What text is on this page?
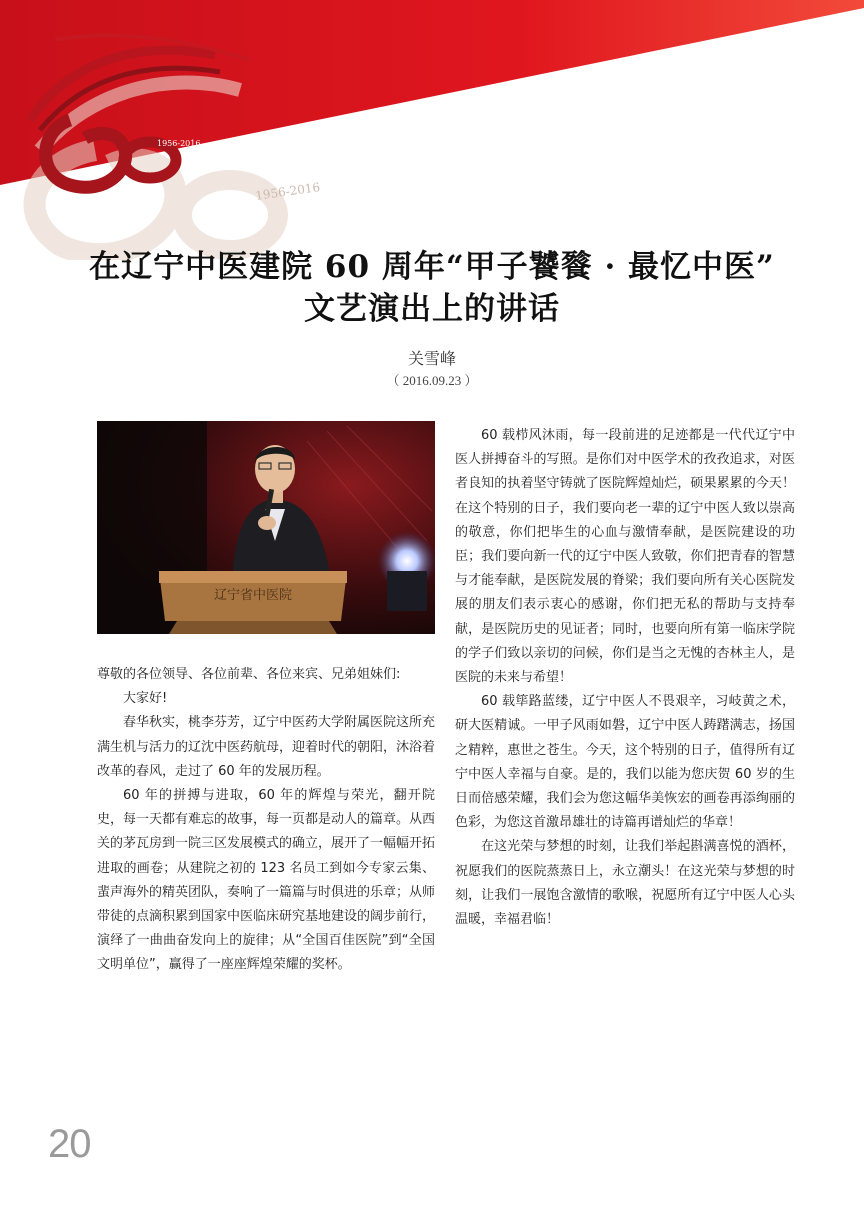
1956-2016
1956-2016
在辽宁中医建院 60 周年“甲子饕餮 · 最忆中医”
文艺演出上的讲话
关雪峰
（ 2016.09.23 ）
辽宁省中医院

尊敬的各位领导、各位前辈、各位来宾、兄弟姐妹们:

大家好!

春华秋实，桃李芬芳，辽宁中医药大学附属医院这所充满生机与活力的辽沈中医药航母，迎着时代的朝阳，沐浴着改革的春风，走过了 60 年的发展历程。

60 年的拼搏与进取，60 年的辉煌与荣光，翻开院史，每一天都有难忘的故事，每一页都是动人的篇章。从西关的茅瓦房到一院三区发展模式的确立，展开了一幅幅开拓进取的画卷；从建院之初的 123 名员工到如今专家云集、蜚声海外的精英团队，奏响了一篇篇与时俱进的乐章；从师带徒的点滴积累到国家中医临床研究基地建设的阔步前行，演绎了一曲曲奋发向上的旋律；从“全国百佳医院”到“全国文明单位”，赢得了一座座辉煌荣耀的奖杯。

60 载栉风沐雨，每一段前进的足迹都是一代代辽宁中医人拼搏奋斗的写照。是你们对中医学术的孜孜追求，对医者良知的执着坚守铸就了医院辉煌灿烂，硕果累累的今天！在这个特别的日子，我们要向老一辈的辽宁中医人致以崇高的敬意，你们把毕生的心血与激情奉献，是医院建设的功臣；我们要向新一代的辽宁中医人致敬，你们把青春的智慧与才能奉献，是医院发展的脊梁；我们要向所有关心医院发展的朋友们表示衷心的感谢，你们把无私的帮助与支持奉献，是医院历史的见证者；同时，也要向所有第一临床学院的学子们致以亲切的问候，你们是当之无愧的杏林主人，是医院的未来与希望！

60 载筚路蓝缕，辽宁中医人不畏艰辛，习岐黄之术，研大医精诚。一甲子风雨如磐，辽宁中医人踌躇满志，扬国之精粹，惠世之苍生。今天，这个特别的日子，值得所有辽宁中医人幸福与自豪。是的，我们以能为您庆贺 60 岁的生日而倍感荣耀，我们会为您这幅华美恢宏的画卷再添绚丽的色彩，为您这首激昂雄壮的诗篇再谱灿烂的华章！

在这光荣与梦想的时刻，让我们举起斟满喜悦的酒杯，祝愿我们的医院蒸蒸日上，永立潮头！在这光荣与梦想的时刻，让我们一展饱含激情的歌喉，祝愿所有辽宁中医人心头温暖，幸福君临！

20
